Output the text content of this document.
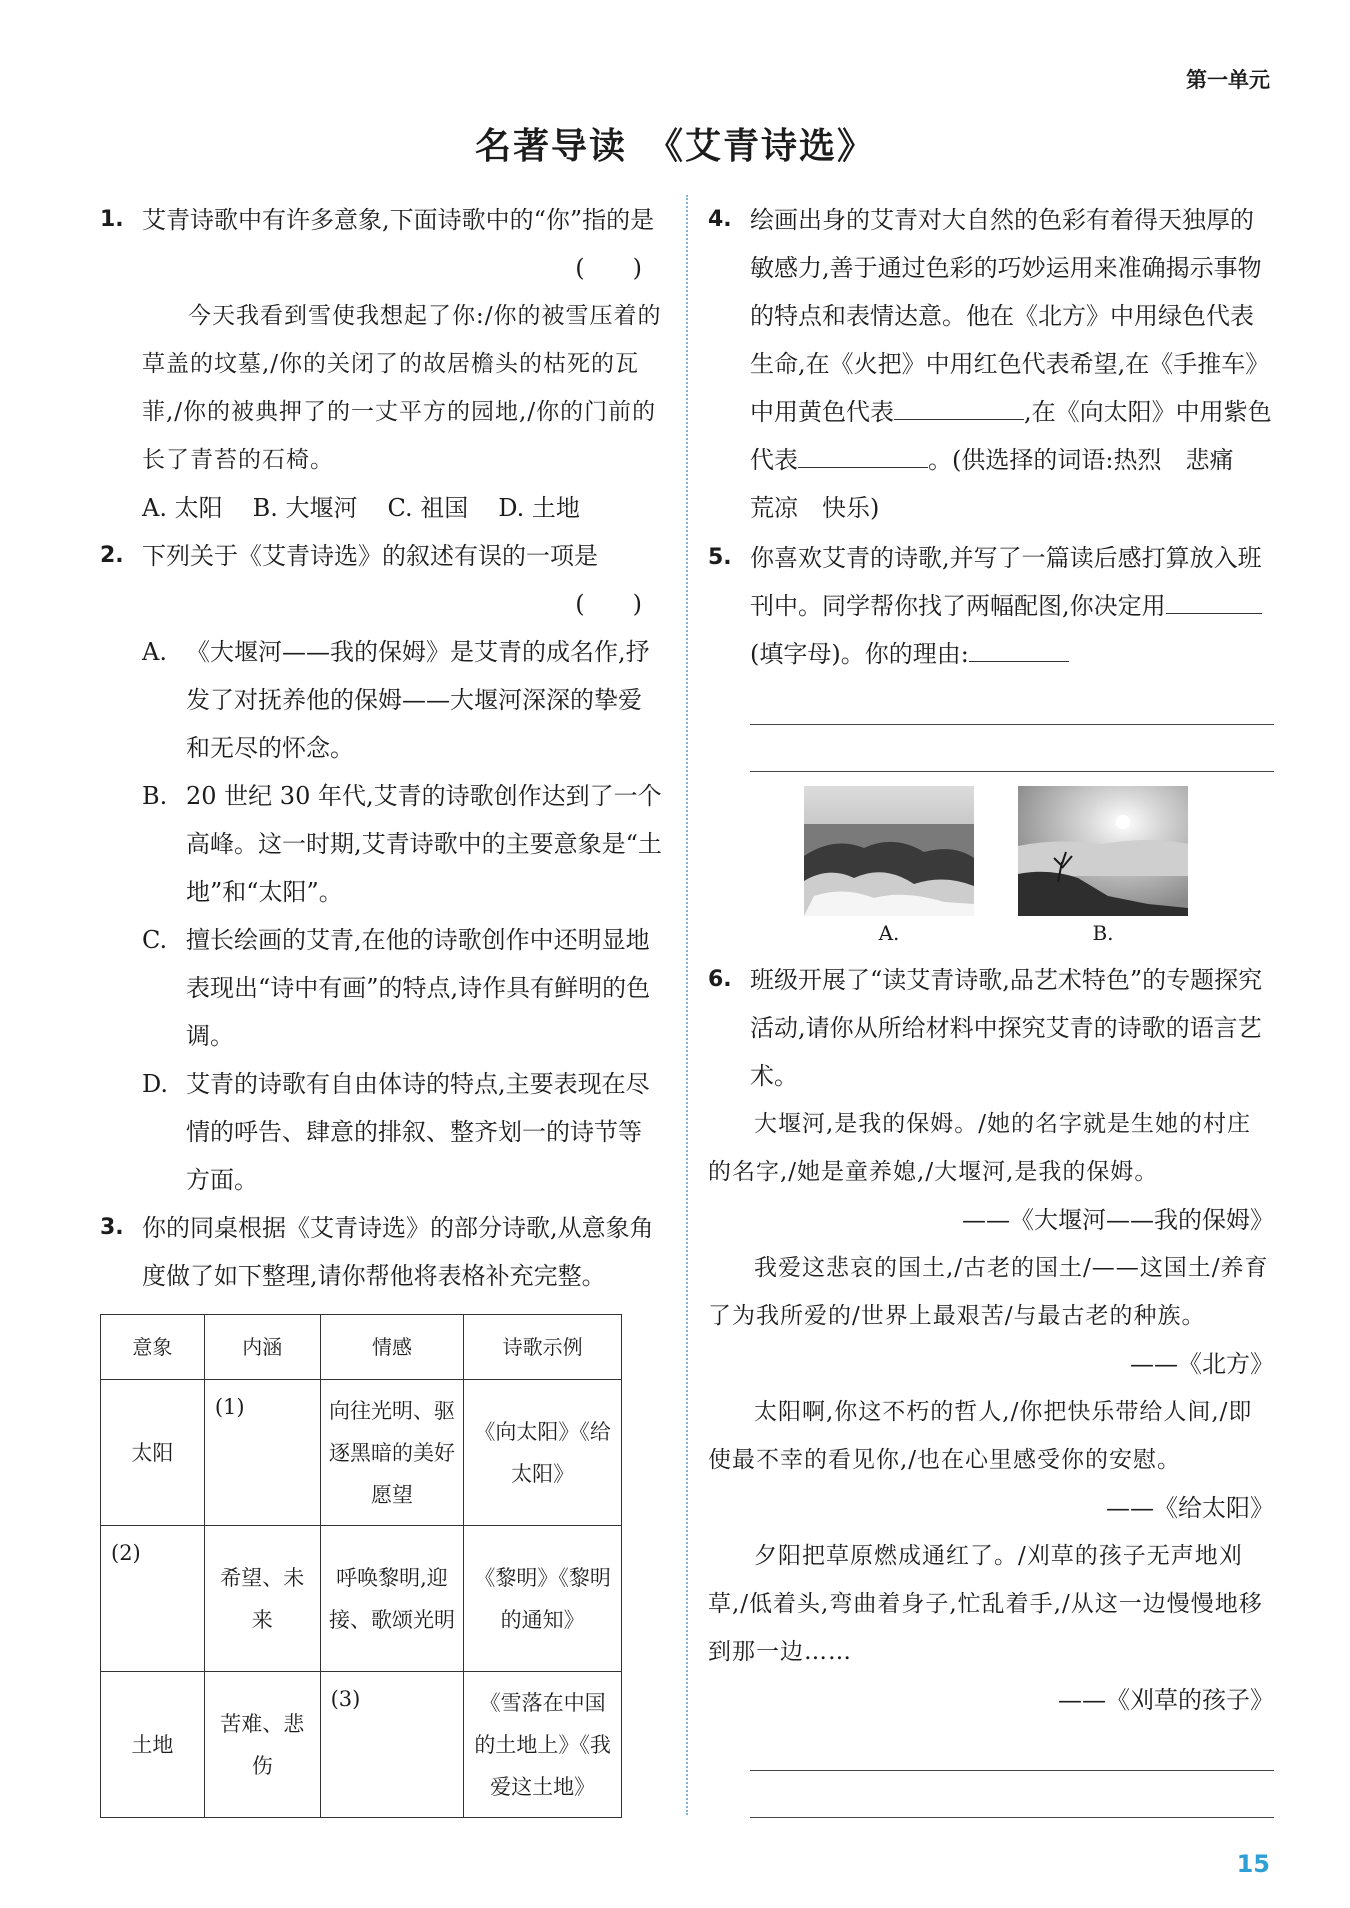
第一单元
名著导读　《艾青诗选》
1. 艾青诗歌中有许多意象,下面诗歌中的“你”指的是
(　　)
今天我看到雪使我想起了你:/你的被雪压着的草盖的坟墓,/你的关闭了的故居檐头的枯死的瓦菲,/你的被典押了的一丈平方的园地,/你的门前的长了青苔的石椅。
A. 太阳 B. 大堰河 C. 祖国 D. 土地
2. 下列关于《艾青诗选》的叙述有误的一项是
(　　)
A. 《大堰河——我的保姆》是艾青的成名作,抒发了对抚养他的保姆——大堰河深深的挚爱和无尽的怀念。
B. 20 世纪 30 年代,艾青的诗歌创作达到了一个高峰。这一时期,艾青诗歌中的主要意象是“土地”和“太阳”。
C. 擅长绘画的艾青,在他的诗歌创作中还明显地表现出“诗中有画”的特点,诗作具有鲜明的色调。
D. 艾青的诗歌有自由体诗的特点,主要表现在尽情的呼告、肆意的排叙、整齐划一的诗节等方面。
3. 你的同桌根据《艾青诗选》的部分诗歌,从意象角度做了如下整理,请你帮他将表格补充完整。
意象	内涵	情感	诗歌示例
太阳	(1)	向往光明、驱逐黑暗的美好愿望	《向太阳》《给太阳》
(2)	希望、未来	呼唤黎明,迎接、歌颂光明	《黎明》《黎明的通知》
土地	苦难、悲伤	(3)	《雪落在中国的土地上》《我爱这土地》
4. 绘画出身的艾青对大自然的色彩有着得天独厚的敏感力,善于通过色彩的巧妙运用来准确揭示事物的特点和表情达意。他在《北方》中用绿色代表生命,在《火把》中用红色代表希望,在《手推车》中用黄色代表	,在《向太阳》中用紫色代表	。(供选择的词语:热烈　悲痛　荒凉　快乐)
5. 你喜欢艾青的诗歌,并写了一篇读后感打算放入班刊中。同学帮你找了两幅配图,你决定用(填字母)。你的理由:
A.	B.
6. 班级开展了“读艾青诗歌,品艺术特色”的专题探究活动,请你从所给材料中探究艾青的诗歌的语言艺术。
大堰河,是我的保姆。/她的名字就是生她的村庄的名字,/她是童养媳,/大堰河,是我的保姆。
——《大堰河——我的保姆》
我爱这悲哀的国土,/古老的国土/——这国土/养育了为我所爱的/世界上最艰苦/与最古老的种族。
——《北方》
太阳啊,你这不朽的哲人,/你把快乐带给人间,/即使最不幸的看见你,/也在心里感受你的安慰。
——《给太阳》
夕阳把草原燃成通红了。/刈草的孩子无声地刈草,/低着头,弯曲着身子,忙乱着手,/从这一边慢慢地移到那一边……
——《刈草的孩子》
15
